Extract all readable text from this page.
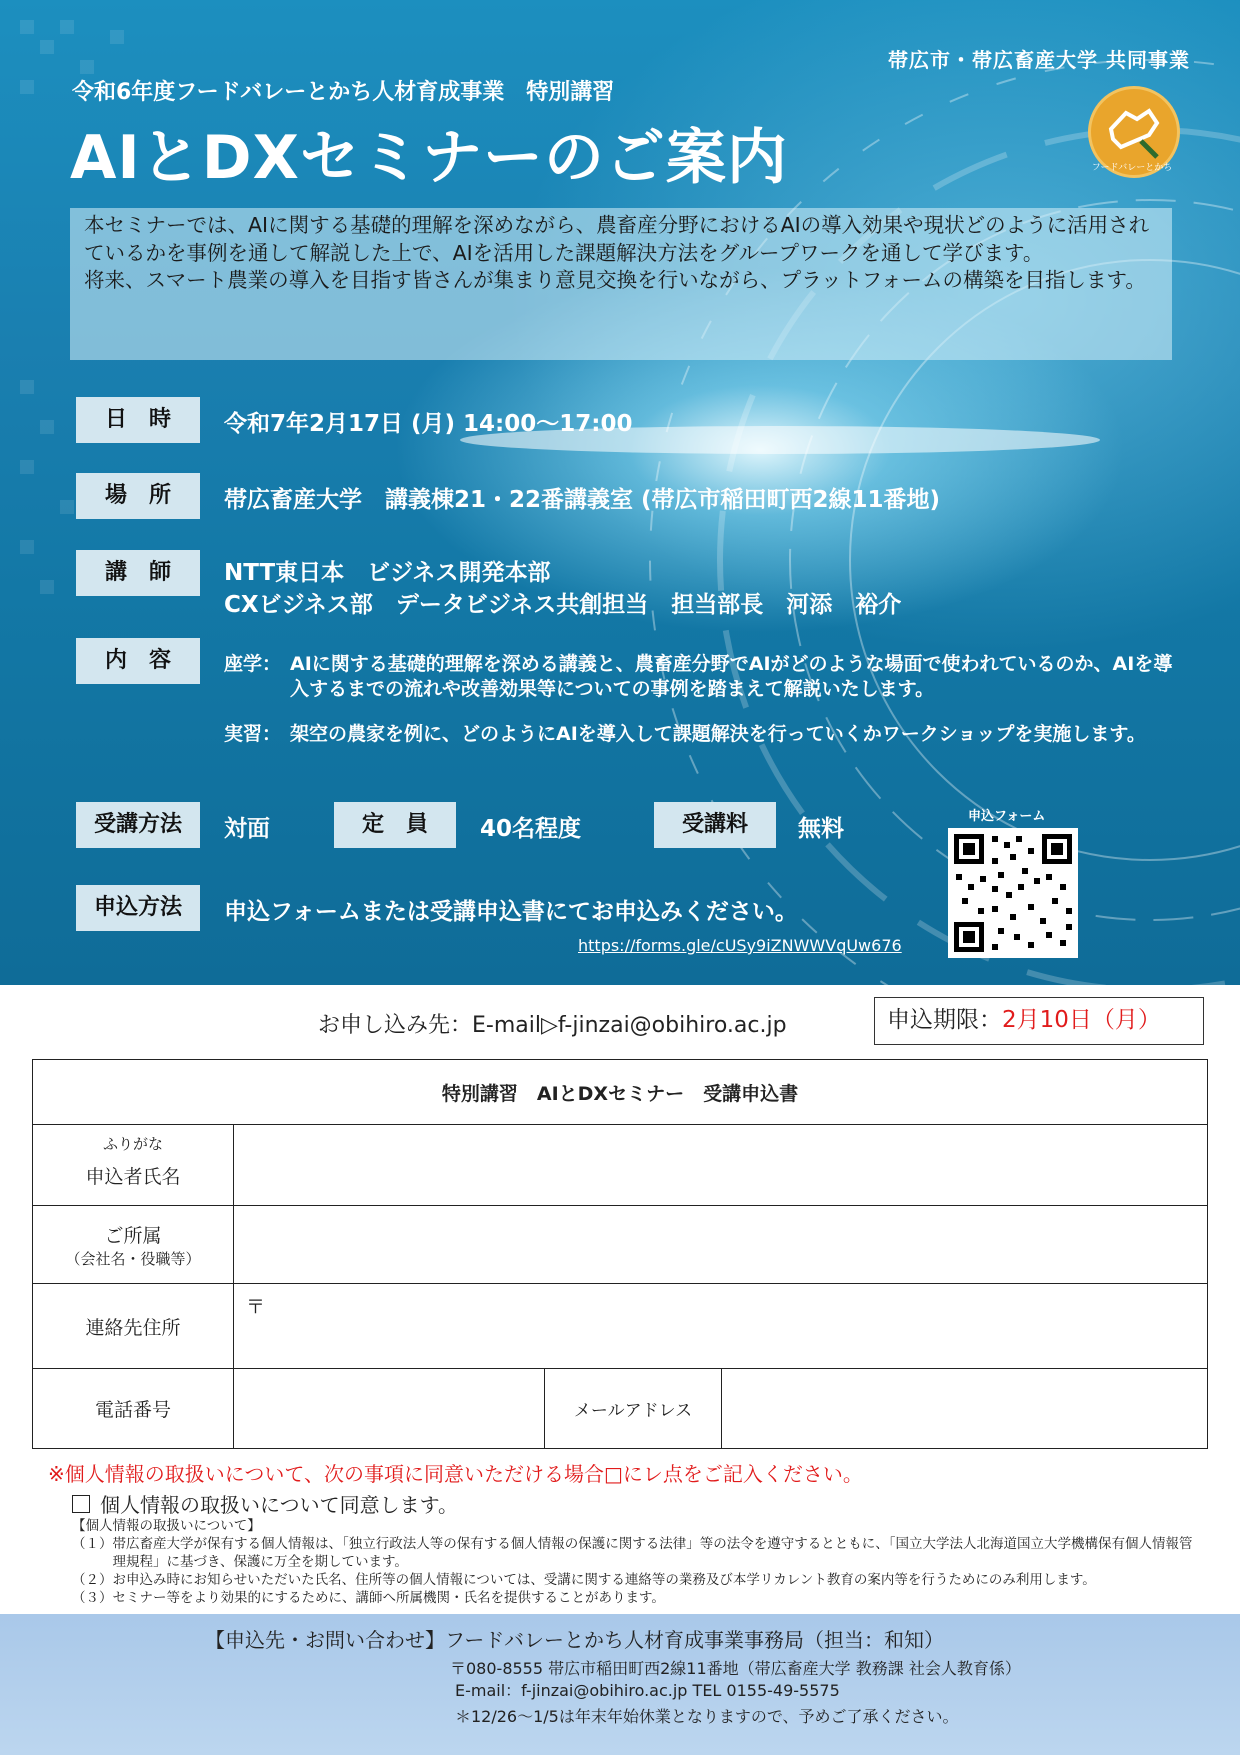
帯広市・帯広畜産大学 共同事業
フードバレーとかち
令和6年度フードバレーとかち人材育成事業　特別講習
AIとDXセミナーのご案内

本セミナーでは、AIに関する基礎的理解を深めながら、農畜産分野におけるAIの導入効果や現状どのように活用されているかを事例を通して解説した上で、AIを活用した課題解決方法をグループワークを通して学びます。

将来、スマート農業の導入を目指す皆さんが集まり意見交換を行いながら、プラットフォームの構築を目指します。

日　時	令和7年2月17日 (月) 14:00～17:00
場　所	帯広畜産大学　講義棟21・22番講義室 (帯広市稲田町西2線11番地)
講　師	NTT東日本　ビジネス開発本部
CXビジネス部　データビジネス共創担当　担当部長　河添　裕介
内　容	座学： AIに関する基礎的理解を深める講義と、農畜産分野でAIがどのような場面で使われているのか、AIを導入するまでの流れや改善効果等についての事例を踏まえて解説いたします。
実習： 架空の農家を例に、どのようにAIを導入して課題解決を行っていくかワークショップを実施します。
受講方法	対面	定　員	40名程度	受講料	無料
申込方法	申込フォームまたは受講申込書にてお申込みください。
申込フォーム
https://forms.gle/cUSy9iZNWWVqUw676
お申し込み先：E-mail▷f-jinzai@obihiro.ac.jp	申込期限：2月10日（月）
特別講習　AIとDXセミナー　受講申込書			

ふりがな
申込者氏名			

ご所属
（会社名・役職等）			

連絡先住所	〒		
電話番号		メールアドレス	
※個人情報の取扱いについて、次の事項に同意いただける場合□にレ点をご記入ください。
個人情報の取扱いについて同意します。
【個人情報の取扱いについて】
（１） 帯広畜産大学が保有する個人情報は、「独立行政法人等の保有する個人情報の保護に関する法律」等の法令を遵守するとともに、「国立大学法人北海道国立大学機構保有個人情報管理規程」に基づき、保護に万全を期しています。
（２） お申込み時にお知らせいただいた氏名、住所等の個人情報については、受講に関する連絡等の業務及び本学リカレント教育の案内等を行うためにのみ利用します。
（３） セミナー等をより効果的にするために、講師へ所属機関・氏名を提供することがあります。
【申込先・お問い合わせ】フードバレーとかち人材育成事業事務局（担当：和知）
〒080-8555 帯広市稲田町西2線11番地（帯広畜産大学 教務課 社会人教育係）
E-mail：f-jinzai@obihiro.ac.jp TEL 0155-49-5575
＊12/26～1/5は年末年始休業となりますので、予めご了承ください。
